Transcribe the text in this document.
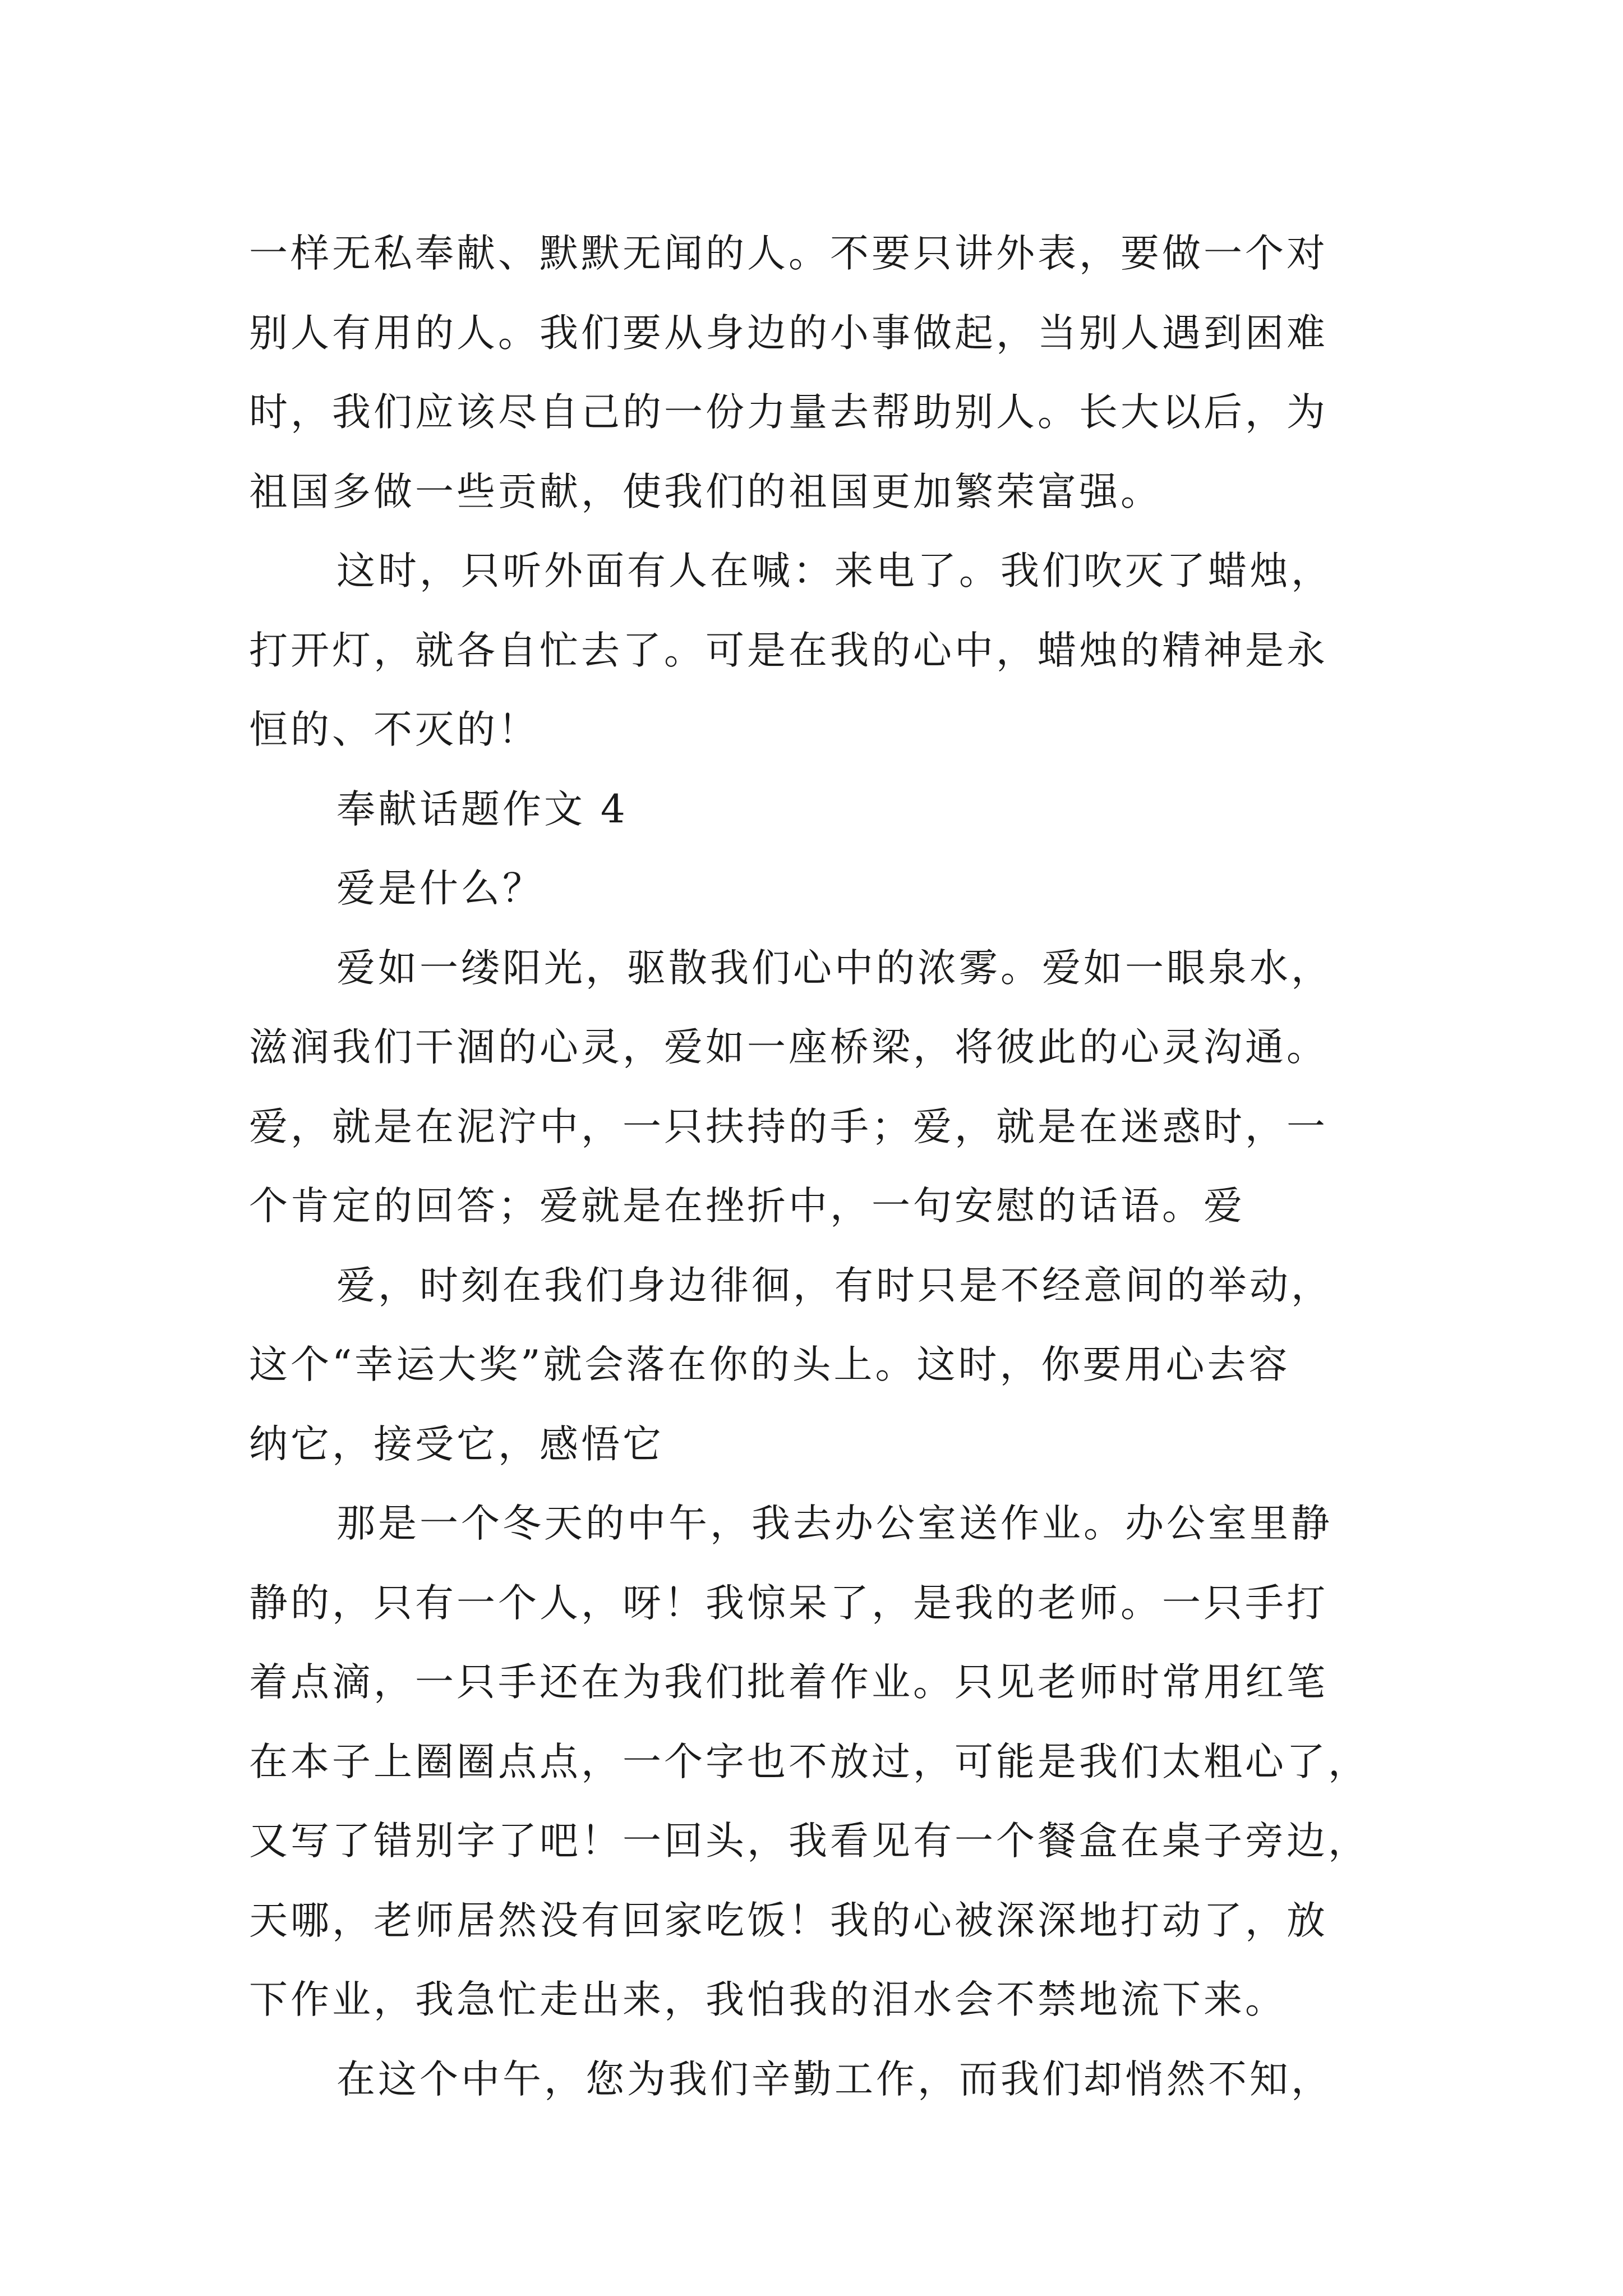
一样无私奉献、默默无闻的人。不要只讲外表，要做一个对
别人有用的人。我们要从身边的小事做起，当别人遇到困难
时，我们应该尽自己的一份力量去帮助别人。长大以后，为
祖国多做一些贡献，使我们的祖国更加繁荣富强。
这时，只听外面有人在喊：来电了。我们吹灭了蜡烛，
打开灯，就各自忙去了。可是在我的心中，蜡烛的精神是永
恒的、不灭的！
奉献话题作文 4
爱是什么？
爱如一缕阳光，驱散我们心中的浓雾。爱如一眼泉水，
滋润我们干涸的心灵，爱如一座桥梁，将彼此的心灵沟通。
爱，就是在泥泞中，一只扶持的手；爱，就是在迷惑时，一
个肯定的回答；爱就是在挫折中，一句安慰的话语。爱
爱，时刻在我们身边徘徊，有时只是不经意间的举动，
这个“幸运大奖”就会落在你的头上。这时，你要用心去容
纳它，接受它，感悟它
那是一个冬天的中午，我去办公室送作业。办公室里静
静的，只有一个人，呀！我惊呆了，是我的老师。一只手打
着点滴，一只手还在为我们批着作业。只见老师时常用红笔
在本子上圈圈点点，一个字也不放过，可能是我们太粗心了，
又写了错别字了吧！一回头，我看见有一个餐盒在桌子旁边，
天哪，老师居然没有回家吃饭！我的心被深深地打动了，放
下作业，我急忙走出来，我怕我的泪水会不禁地流下来。
在这个中午，您为我们辛勤工作，而我们却悄然不知，
